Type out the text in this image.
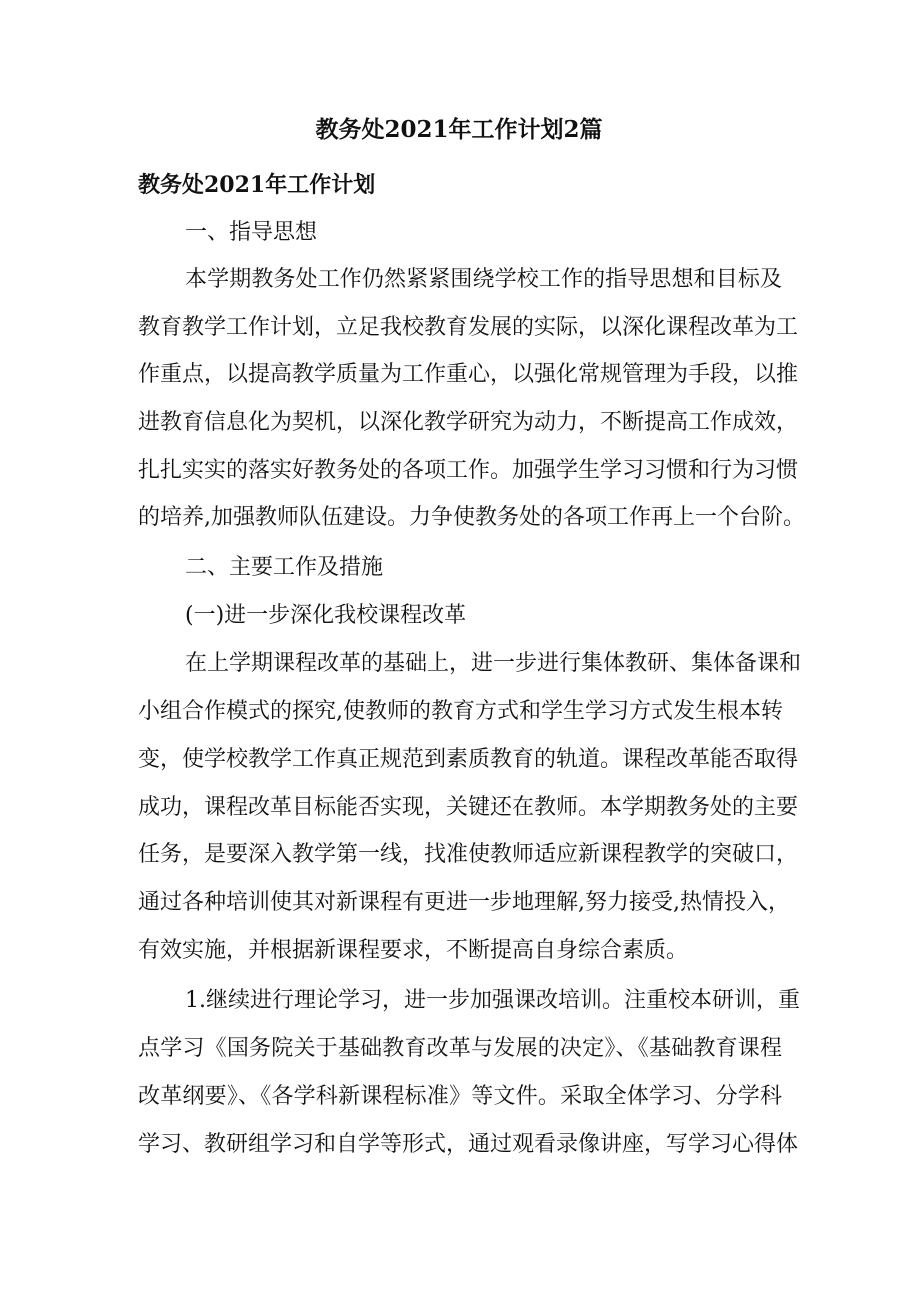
教务处2021年工作计划2篇
教务处2021年工作计划
一、指导思想
本学期教务处工作仍然紧紧围绕学校工作的指导思想和目标及
教育教学工作计划，立足我校教育发展的实际，以深化课程改革为工
作重点，以提高教学质量为工作重心，以强化常规管理为手段，以推
进教育信息化为契机，以深化教学研究为动力，不断提高工作成效，
扎扎实实的落实好教务处的各项工作。加强学生学习习惯和行为习惯
的培养,加强教师队伍建设。力争使教务处的各项工作再上一个台阶。
二、主要工作及措施
(一)进一步深化我校课程改革
在上学期课程改革的基础上，进一步进行集体教研、集体备课和
小组合作模式的探究,使教师的教育方式和学生学习方式发生根本转
变，使学校教学工作真正规范到素质教育的轨道。课程改革能否取得
成功，课程改革目标能否实现，关键还在教师。本学期教务处的主要
任务，是要深入教学第一线，找准使教师适应新课程教学的突破口，
通过各种培训使其对新课程有更进一步地理解,努力接受,热情投入，
有效实施，并根据新课程要求，不断提高自身综合素质。
1.继续进行理论学习，进一步加强课改培训。注重校本研训，重
点学习《国务院关于基础教育改革与发展的决定》、《基础教育课程
改革纲要》、《各学科新课程标准》等文件。采取全体学习、分学科
学习、教研组学习和自学等形式，通过观看录像讲座，写学习心得体
